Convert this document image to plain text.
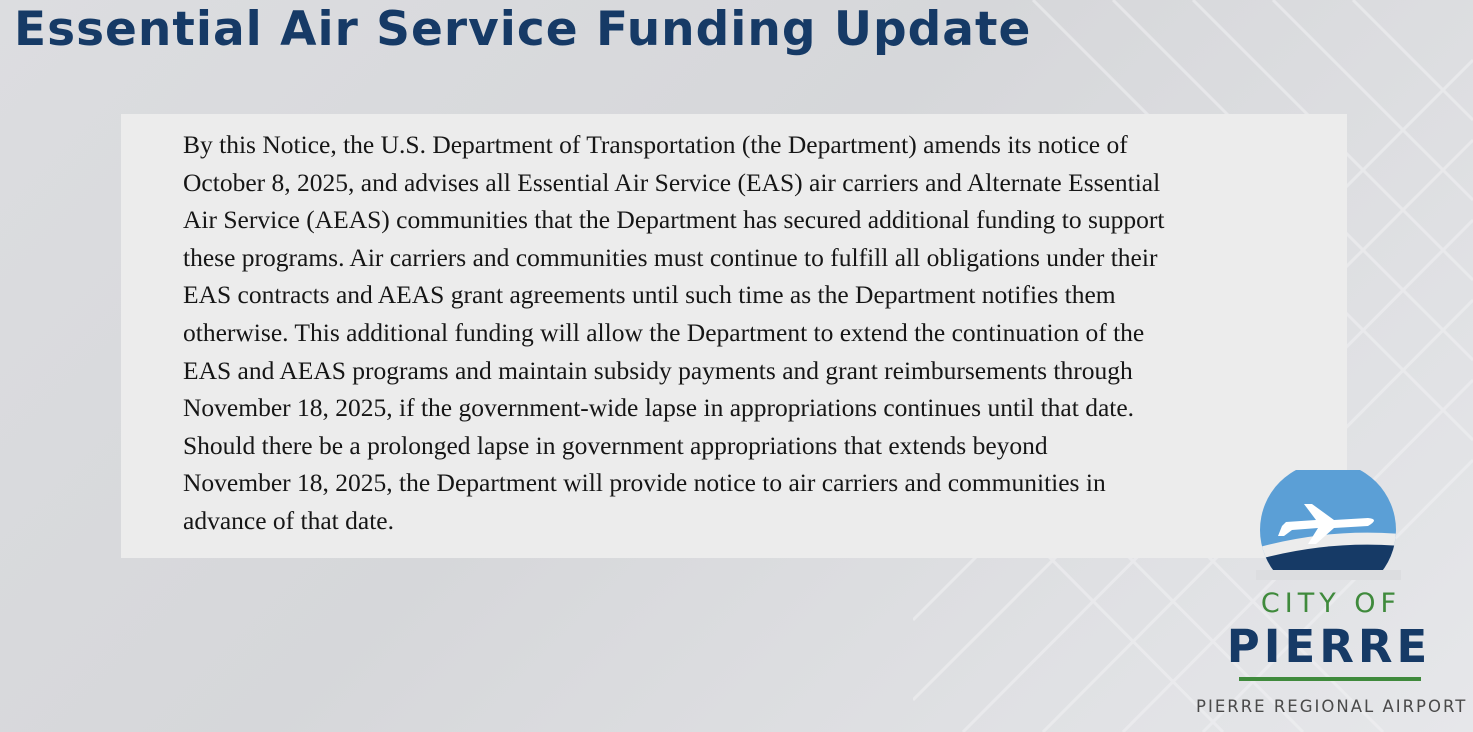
Essential Air Service Funding Update

By this Notice, the U.S. Department of Transportation (the Department) amends its notice of
October 8, 2025, and advises all Essential Air Service (EAS) air carriers and Alternate Essential
Air Service (AEAS) communities that the Department has secured additional funding to support
these programs. Air carriers and communities must continue to fulfill all obligations under their
EAS contracts and AEAS grant agreements until such time as the Department notifies them
otherwise. This additional funding will allow the Department to extend the continuation of the
EAS and AEAS programs and maintain subsidy payments and grant reimbursements through
November 18, 2025, if the government-wide lapse in appropriations continues until that date.
Should there be a prolonged lapse in government appropriations that extends beyond
November 18, 2025, the Department will provide notice to air carriers and communities in
advance of that date.

CITY OF
PIERRE
PIERRE REGIONAL AIRPORT
